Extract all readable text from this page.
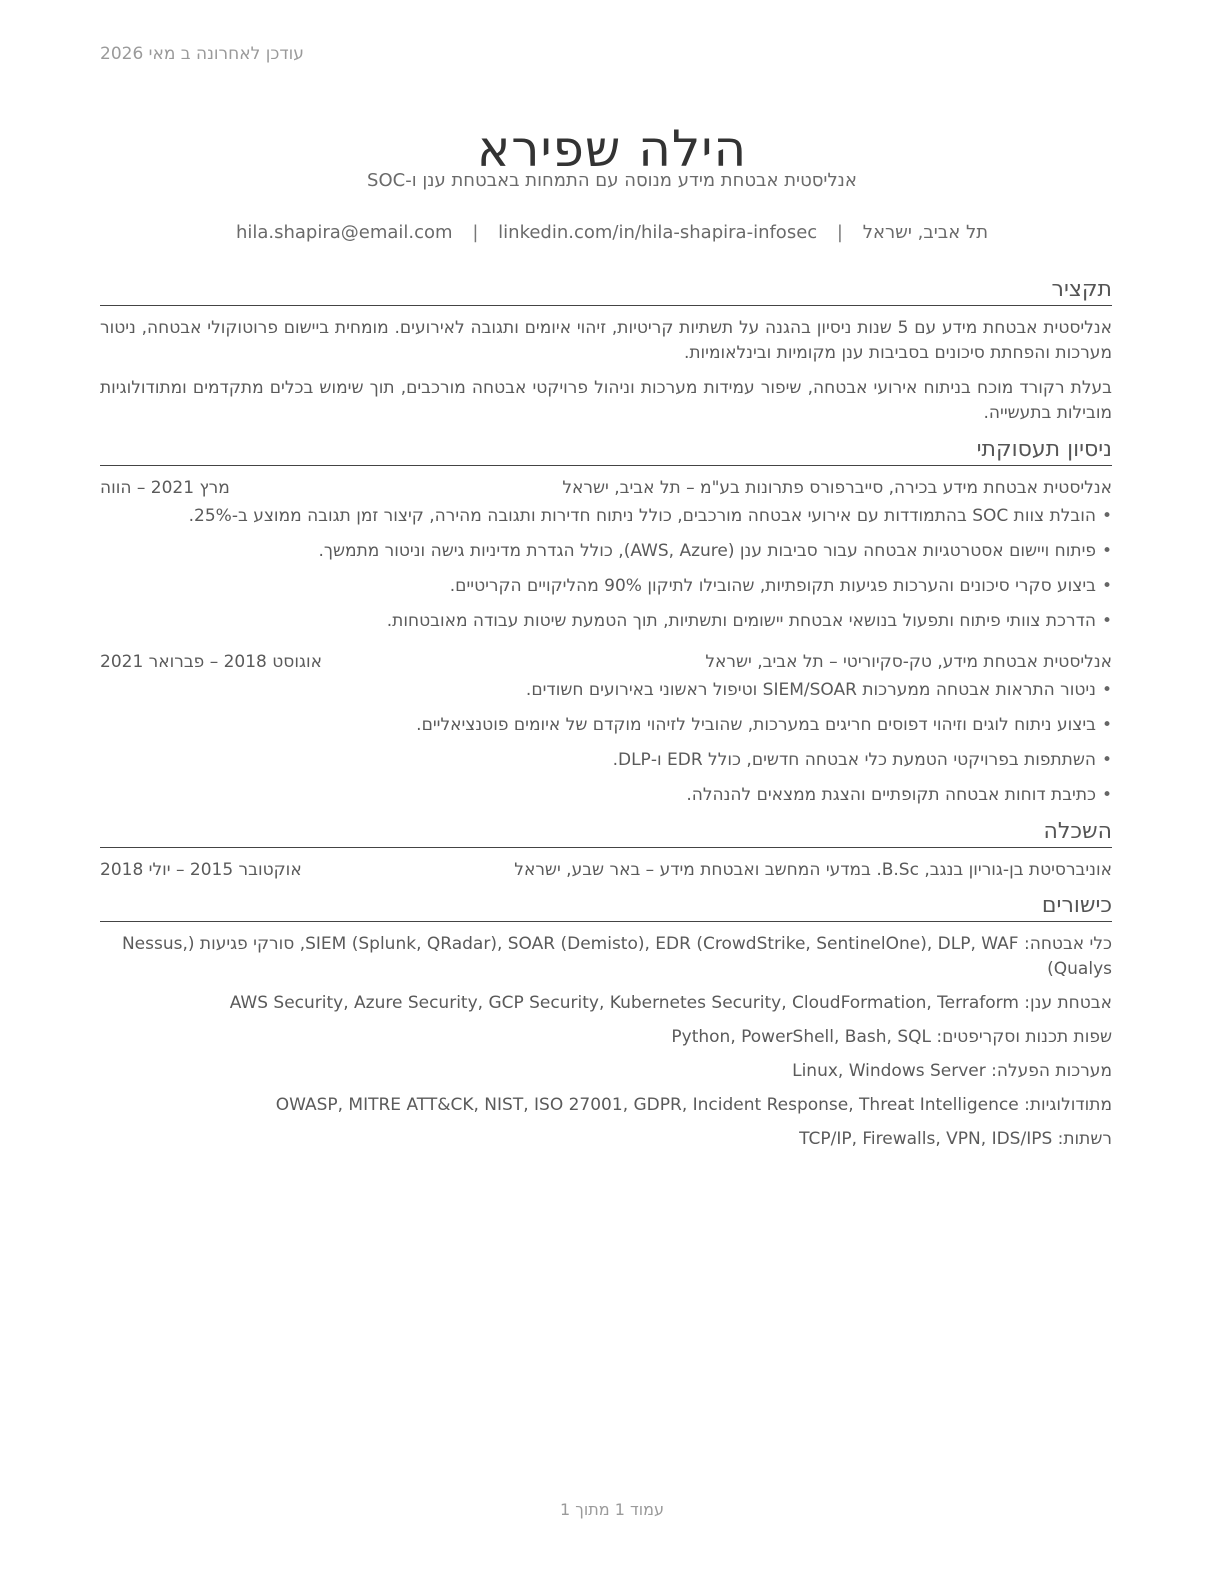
עודכן לאחרונה ב מאי 2026
הילה שפירא
אנליסטית אבטחת מידע מנוסה עם התמחות באבטחת ענן ו-SOC
תל אביב, ישראל | hila.shapira@email.com | linkedin.com/in/hila-shapira-infosec
תקציר

אנליסטית אבטחת מידע עם 5 שנות ניסיון בהגנה על תשתיות קריטיות, זיהוי איומים ותגובה לאירועים. מומחית ביישום פרוטוקולי אבטחה, ניטור מערכות והפחתת סיכונים בסביבות ענן מקומיות ובינלאומיות.

בעלת רקורד מוכח בניתוח אירועי אבטחה, שיפור עמידות מערכות וניהול פרויקטי אבטחה מורכבים, תוך שימוש בכלים מתקדמים ומתודולוגיות מובילות בתעשייה.

ניסיון תעסוקתי
אנליסטית אבטחת מידע בכירה, סייברפורס פתרונות בע"מ – תל אביב, ישראל
מרץ 2021 – הווה
• הובלת צוות SOC בהתמודדות עם אירועי אבטחה מורכבים, כולל ניתוח חדירות ותגובה מהירה, קיצור זמן תגובה ממוצע ב-25%.
• פיתוח ויישום אסטרטגיות אבטחה עבור סביבות ענן (AWS, Azure), כולל הגדרת מדיניות גישה וניטור מתמשך.
• ביצוע סקרי סיכונים והערכות פגיעות תקופתיות, שהובילו לתיקון 90% מהליקויים הקריטיים.
• הדרכת צוותי פיתוח ותפעול בנושאי אבטחת יישומים ותשתיות, תוך הטמעת שיטות עבודה מאובטחות.
אנליסטית אבטחת מידע, טק-סקיוריטי – תל אביב, ישראל
אוגוסט 2018 – פברואר 2021
• ניטור התראות אבטחה ממערכות SIEM/SOAR וטיפול ראשוני באירועים חשודים.
• ביצוע ניתוח לוגים וזיהוי דפוסים חריגים במערכות, שהוביל לזיהוי מוקדם של איומים פוטנציאליים.
• השתתפות בפרויקטי הטמעת כלי אבטחה חדשים, כולל EDR ו-DLP.
• כתיבת דוחות אבטחה תקופתיים והצגת ממצאים להנהלה.
השכלה
אוניברסיטת בן-גוריון בנגב, B.Sc. במדעי המחשב ואבטחת מידע – באר שבע, ישראל
אוקטובר 2015 – יולי 2018
כישורים
כלי אבטחה: SIEM (Splunk, QRadar), SOAR (Demisto), EDR (CrowdStrike, SentinelOne), DLP, WAF, סורקי פגיעות (Nessus, Qualys)
אבטחת ענן: AWS Security, Azure Security, GCP Security, Kubernetes Security, CloudFormation, Terraform
שפות תכנות וסקריפטים: Python, PowerShell, Bash, SQL
מערכות הפעלה: Linux, Windows Server
מתודולוגיות: OWASP, MITRE ATT&CK, NIST, ISO 27001, GDPR, Incident Response, Threat Intelligence
רשתות: TCP/IP, Firewalls, VPN, IDS/IPS
עמוד 1 מתוך 1
